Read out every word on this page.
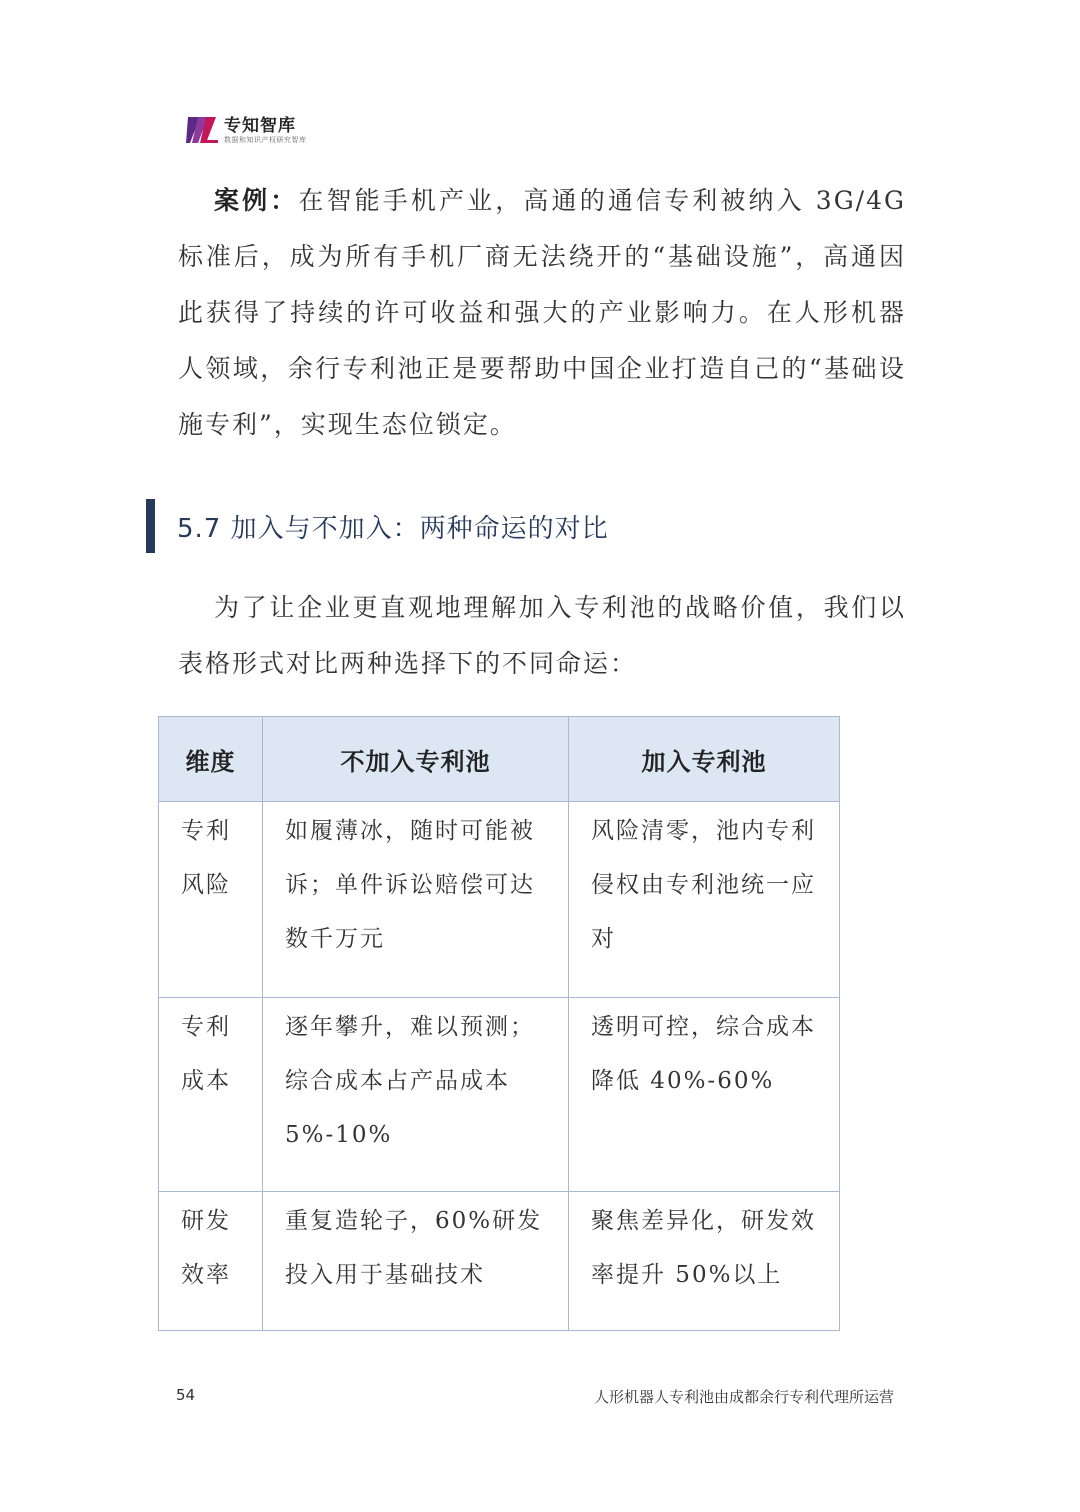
专知智库
数据和知识产权研究智库

案例：在智能手机产业，高通的通信专利被纳入 3G/4G 标准后，成为所有手机厂商无法绕开的“基础设施”，高通因此获得了持续的许可收益和强大的产业影响力。在人形机器人领域，余行专利池正是要帮助中国企业打造自己的“基础设施专利”，实现生态位锁定。

5.7 加入与不加入：两种命运的对比

为了让企业更直观地理解加入专利池的战略价值，我们以表格形式对比两种选择下的不同命运：

维度	不加入专利池	加入专利池

专利风险	如履薄冰，随时可能被诉；单件诉讼赔偿可达数千万元	风险清零，池内专利侵权由专利池统一应对

专利成本	逐年攀升，难以预测；综合成本占产品成本5%-10%	透明可控，综合成本降低 40%-60%

研发效率	重复造轮子，60%研发投入用于基础技术	聚焦差异化，研发效率提升 50%以上
54	人形机器人专利池由成都余行专利代理所运营
